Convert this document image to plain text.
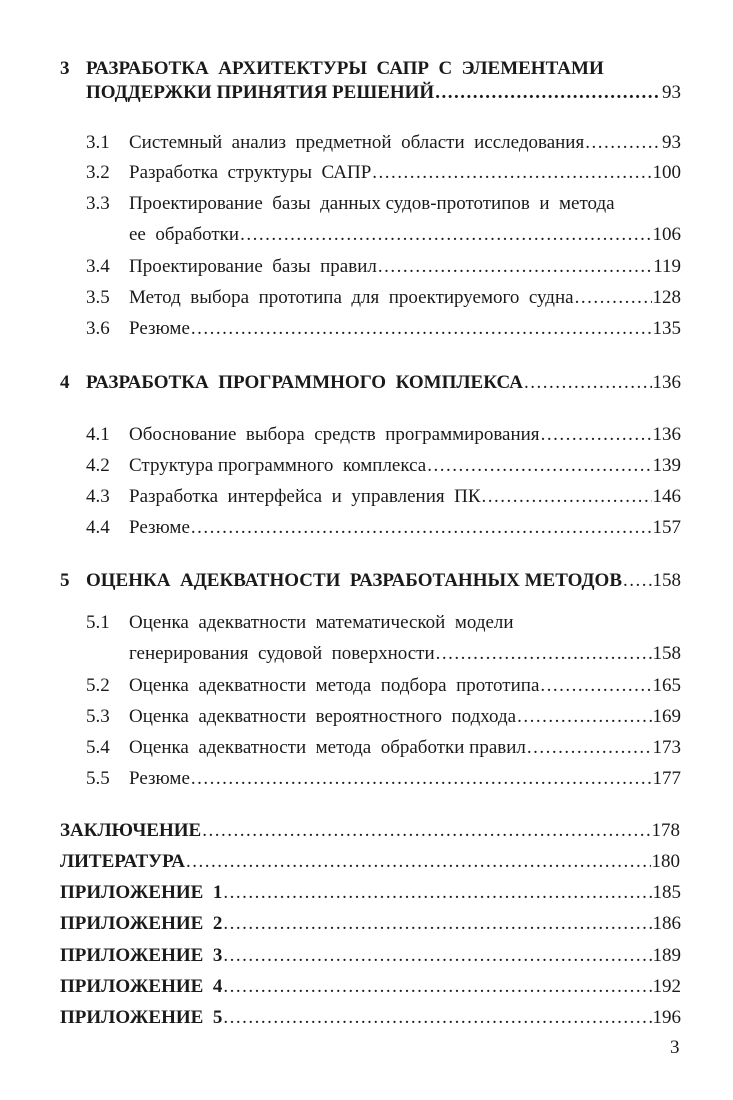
3 РАЗРАБОТКА  АРХИТЕКТУРЫ  САПР  С  ЭЛЕМЕНТАМИ
ПОДДЕРЖКИ ПРИНЯТИЯ РЕШЕНИЙ .....	93
3.1	Системный  анализ  предметной  области  исследования .....	93
3.2	Разработка  структуры  САПР .....	100
3.3	Проектирование  базы  данных судов-прототипов  и  метода
ее  обработки .....	106
3.4	Проектирование  базы  правил .....	119
3.5	Метод  выбора  прототипа  для  проектируемого  судна .....	128
3.6	Резюме .....	135
4 РАЗРАБОТКА  ПРОГРАММНОГО  КОМПЛЕКСА .....	136
4.1	Обоснование  выбора  средств  программирования .....	136
4.2	Структура программного  комплекса .....	139
4.3	Разработка  интерфейса  и  управления  ПК .....	146
4.4	Резюме .....	157
5 ОЦЕНКА  АДЕКВАТНОСТИ  РАЗРАБОТАННЫХ МЕТОДОВ ..... 158
5.1	Оценка  адекватности  математической  модели
генерирования  судовой  поверхности .....	158
5.2	Оценка  адекватности  метода  подбора  прототипа .....	165
5.3	Оценка  адекватности  вероятностного  подхода .....	169
5.4	Оценка  адекватности  метода  обработки правил .....	173
5.5	Резюме .....	177
ЗАКЛЮЧЕНИЕ .....	178
ЛИТЕРАТУРА .....	180
ПРИЛОЖЕНИЕ  1 .....	185
ПРИЛОЖЕНИЕ  2 .....	186
ПРИЛОЖЕНИЕ  3 .....	189
ПРИЛОЖЕНИЕ  4 .....	192
ПРИЛОЖЕНИЕ  5 .....	196
3
